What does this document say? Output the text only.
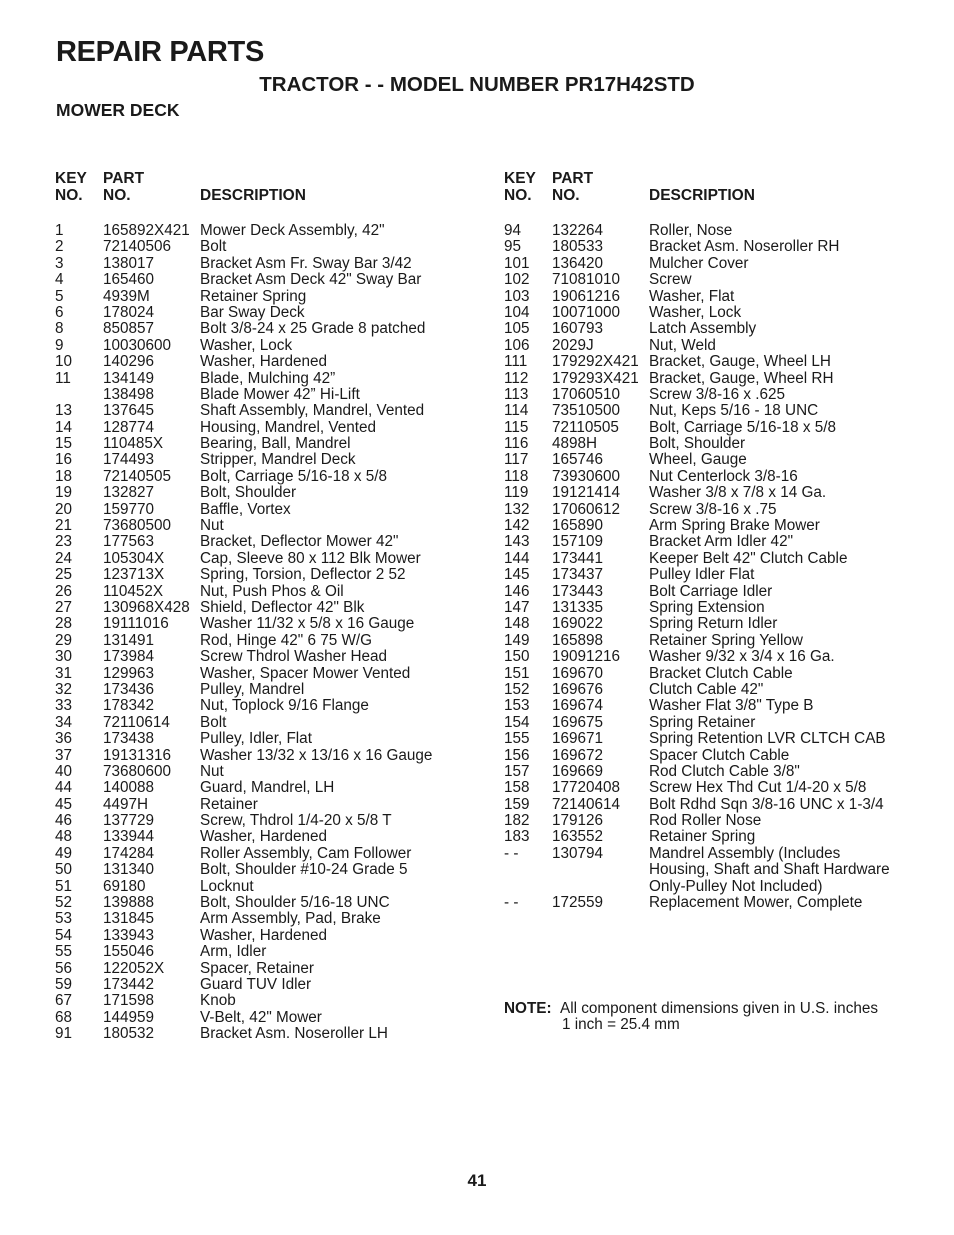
REPAIR PARTS
TRACTOR - - MODEL NUMBER PR17H42STD
MOWER DECK
KEY
NO.
PART
NO.	DESCRIPTION
1	165892X421 Mower Deck Assembly, 42"
2	72140506	Bolt
3	138017	Bracket Asm Fr. Sway Bar 3/42
4	165460	Bracket Asm Deck 42" Sway Bar
5	4939M	Retainer Spring
6	178024	Bar Sway Deck
8	850857	Bolt 3/8-24 x 25 Grade 8 patched
9	10030600	Washer, Lock
10	140296	Washer, Hardened
11	134149	Blade, Mulching 42”
138498	Blade Mower 42” Hi-Lift
13	137645	Shaft Assembly, Mandrel, Vented
14	128774	Housing, Mandrel, Vented
15	110485X	Bearing, Ball, Mandrel
16	174493	Stripper, Mandrel Deck
18	72140505	Bolt, Carriage 5/16-18 x 5/8
19	132827	Bolt, Shoulder
20	159770	Baffle, Vortex
21	73680500	Nut
23	177563	Bracket, Deflector Mower 42"
24	105304X	Cap, Sleeve 80 x 112 Blk Mower
25	123713X	Spring, Torsion, Deflector 2 52
26	110452X	Nut, Push Phos & Oil
27	130968X428 Shield, Deflector 42" Blk
28	19111016	Washer 11/32 x 5/8 x 16 Gauge
29	131491	Rod, Hinge 42" 6 75 W/G
30	173984	Screw Thdrol Washer Head
31	129963	Washer, Spacer Mower Vented
32	173436	Pulley, Mandrel
33	178342	Nut, Toplock 9/16 Flange
34	72110614	Bolt
36	173438	Pulley, Idler, Flat
37	19131316	Washer 13/32 x 13/16 x 16 Gauge
40	73680600	Nut
44	140088	Guard, Mandrel, LH
45	4497H	Retainer
46	137729	Screw, Thdrol 1/4-20 x 5/8 T
48	133944	Washer, Hardened
49	174284	Roller Assembly, Cam Follower
50	131340	Bolt, Shoulder #10-24 Grade 5
51	69180	Locknut
52	139888	Bolt, Shoulder 5/16-18 UNC
53	131845	Arm Assembly, Pad, Brake
54	133943	Washer, Hardened
55	155046	Arm, Idler
56	122052X	Spacer, Retainer
59	173442	Guard TUV Idler
67	171598	Knob
68	144959	V-Belt, 42" Mower
91	180532	Bracket Asm. Noseroller LH
KEY
NO.
PART
NO.	DESCRIPTION
94	132264	Roller, Nose
95	180533	Bracket Asm. Noseroller RH
101	136420	Mulcher Cover
102	71081010	Screw
103	19061216	Washer, Flat
104	10071000	Washer, Lock
105	160793	Latch Assembly
106	2029J	Nut, Weld
111	179292X421 Bracket, Gauge, Wheel LH
112	179293X421 Bracket, Gauge, Wheel RH
113	17060510	Screw 3/8-16 x .625
114	73510500	Nut, Keps 5/16 - 18 UNC
115	72110505	Bolt, Carriage 5/16-18 x 5/8
116	4898H	Bolt, Shoulder
117	165746	Wheel, Gauge
118	73930600	Nut Centerlock 3/8-16
119	19121414	Washer 3/8 x 7/8 x 14 Ga.
132	17060612	Screw 3/8-16 x .75
142	165890	Arm Spring Brake Mower
143	157109	Bracket Arm Idler 42"
144	173441	Keeper Belt 42" Clutch Cable
145	173437	Pulley Idler Flat
146	173443	Bolt Carriage Idler
147	131335	Spring Extension
148	169022	Spring Return Idler
149	165898	Retainer Spring Yellow
150	19091216	Washer 9/32 x 3/4 x 16 Ga.
151	169670	Bracket Clutch Cable
152	169676	Clutch Cable 42"
153	169674	Washer Flat 3/8" Type B
154	169675	Spring Retainer
155	169671	Spring Retention LVR CLTCH CAB
156	169672	Spacer Clutch Cable
157	169669	Rod Clutch Cable 3/8"
158	17720408	Screw Hex Thd Cut 1/4-20 x 5/8
159	72140614	Bolt Rdhd Sqn 3/8-16 UNC x 1-3/4
182	179126	Rod Roller Nose
183	163552	Retainer Spring
- -	130794	Mandrel Assembly (Includes
Housing, Shaft and Shaft Hardware
Only-Pulley Not Included)
- -	172559	Replacement Mower, Complete
NOTE: All component dimensions given in U.S. inches
1 inch = 25.4 mm
41
